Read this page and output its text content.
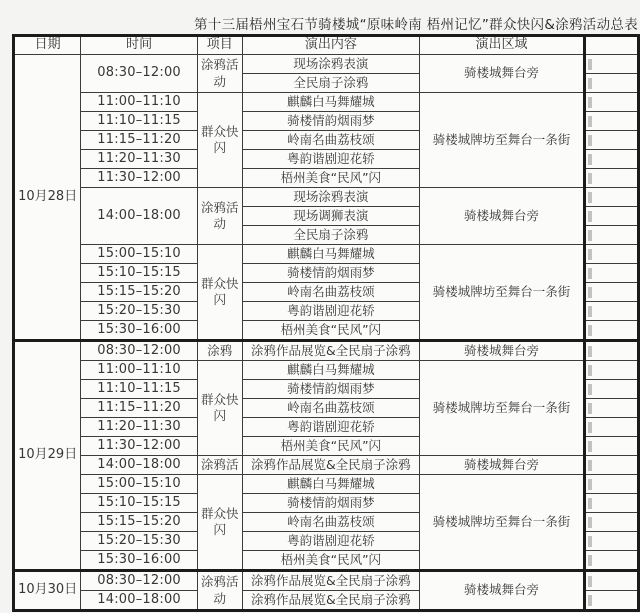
第十三届梧州宝石节骑楼城“原味岭南 梧州记忆”群众快闪&涂鸦活动总表
日期	时间	项目	演出内容	演出区域	
10月28日	08:30–12:00	涂鸦活动	现场涂鸦表演	骑楼城舞台旁	
			全民扇子涂鸦		
	11:00–11:10	群众快闪	麒麟白马舞耀城	骑楼城牌坊至舞台一条街	
	11:10–11:15		骑楼情韵烟雨梦		
	11:15–11:20		岭南名曲荔枝颂		
	11:20–11:30		粤韵谐剧迎花轿		
	11:30–12:00		梧州美食“民风”闪		
	14:00–18:00	涂鸦活动	现场涂鸦表演	骑楼城舞台旁	
			现场调狮表演		
			全民扇子涂鸦		
	15:00–15:10	群众快闪	麒麟白马舞耀城	骑楼城牌坊至舞台一条街	
	15:10–15:15		骑楼情韵烟雨梦		
	15:15–15:20		岭南名曲荔枝颂		
	15:20–15:30		粤韵谐剧迎花轿		
	15:30–16:00		梧州美食“民风”闪		
10月29日	08:30–12:00	涂鸦	涂鸦作品展览&全民扇子涂鸦	骑楼城舞台旁	
	11:00–11:10	群众快闪	麒麟白马舞耀城	骑楼城牌坊至舞台一条街	
	11:10–11:15		骑楼情韵烟雨梦		
	11:15–11:20		岭南名曲荔枝颂		
	11:20–11:30		粤韵谐剧迎花轿		
	11:30–12:00		梧州美食“民风”闪		
	14:00–18:00	涂鸦活	涂鸦作品展览&全民扇子涂鸦	骑楼城舞台旁	
	15:00–15:10	群众快闪	麒麟白马舞耀城	骑楼城牌坊至舞台一条街	
	15:10–15:15		骑楼情韵烟雨梦		
	15:15–15:20		岭南名曲荔枝颂		
	15:20–15:30		粤韵谐剧迎花轿		
	15:30–16:00		梧州美食“民风”闪		
10月30日	08:30–12:00	涂鸦活动	涂鸦作品展览&全民扇子涂鸦	骑楼城舞台旁	
	14:00–18:00		涂鸦作品展览&全民扇子涂鸦		
